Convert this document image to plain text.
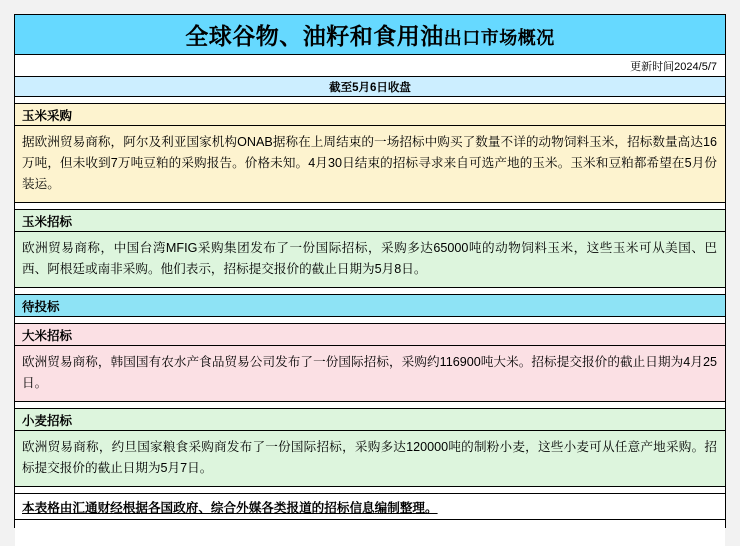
全球谷物、油籽和食用油出口市场概况
更新时间2024/5/7
截至5月6日收盘
玉米采购
据欧洲贸易商称，阿尔及利亚国家机构ONAB据称在上周结束的一场招标中购买了数量不详的动物饲料玉米，招标数量高达16万吨，但未收到7万吨豆粕的采购报告。价格未知。4月30日结束的招标寻求来自可选产地的玉米。玉米和豆粕都希望在5月份装运。
玉米招标
欧洲贸易商称，中国台湾MFIG采购集团发布了一份国际招标，采购多达65000吨的动物饲料玉米，这些玉米可从美国、巴西、阿根廷或南非采购。他们表示，招标提交报价的截止日期为5月8日。
待投标
大米招标
欧洲贸易商称，韩国国有农水产食品贸易公司发布了一份国际招标，采购约116900吨大米。招标提交报价的截止日期为4月25日。
小麦招标
欧洲贸易商称，约旦国家粮食采购商发布了一份国际招标，采购多达120000吨的制粉小麦，这些小麦可从任意产地采购。招标提交报价的截止日期为5月7日。
本表格由汇通财经根据各国政府、综合外媒各类报道的招标信息编制整理。
